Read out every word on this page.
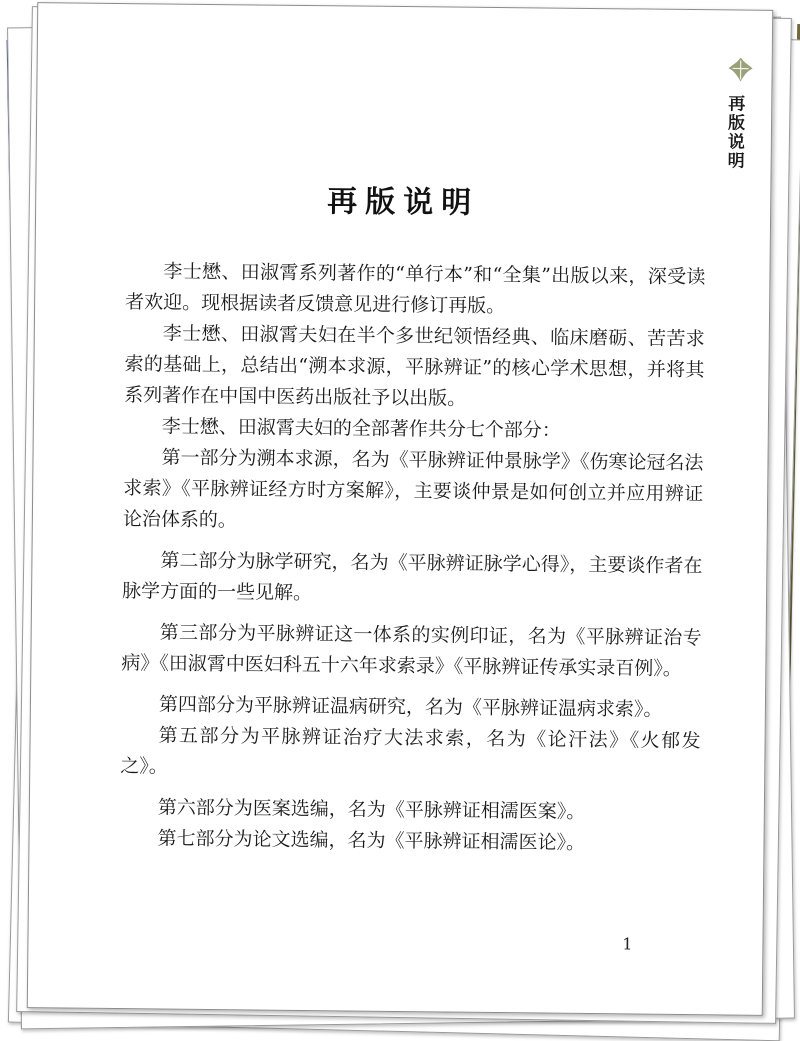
再版说明
再版说明

李士懋、田淑霄系列著作的“单行本”和“全集”出版以来，深受读者欢迎。现根据读者反馈意见进行修订再版。

李士懋、田淑霄夫妇在半个多世纪领悟经典、临床磨砺、苦苦求索的基础上，总结出“溯本求源，平脉辨证”的核心学术思想，并将其系列著作在中国中医药出版社予以出版。

李士懋、田淑霄夫妇的全部著作共分七个部分：

第一部分为溯本求源，名为《平脉辨证仲景脉学》《伤寒论冠名法求索》《平脉辨证经方时方案解》，主要谈仲景是如何创立并应用辨证论治体系的。

第二部分为脉学研究，名为《平脉辨证脉学心得》，主要谈作者在脉学方面的一些见解。

第三部分为平脉辨证这一体系的实例印证，名为《平脉辨证治专病》《田淑霄中医妇科五十六年求索录》《平脉辨证传承实录百例》。

第四部分为平脉辨证温病研究，名为《平脉辨证温病求索》。

第五部分为平脉辨证治疗大法求索，名为《论汗法》《火郁发之》。

第六部分为医案选编，名为《平脉辨证相濡医案》。

第七部分为论文选编，名为《平脉辨证相濡医论》。

1
